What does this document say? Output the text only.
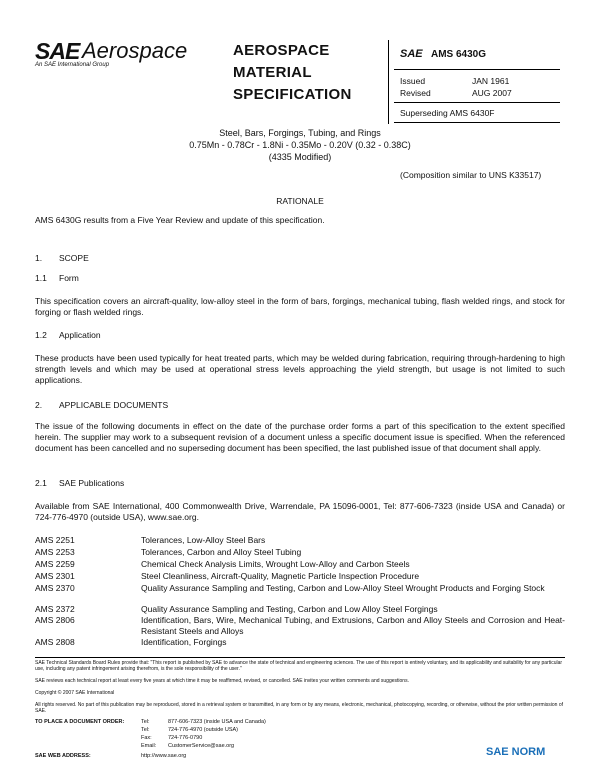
SAE Aerospace
An SAE International Group
AEROSPACE
MATERIAL
SPECIFICATION
SAE AMS 6430G
Issued	JAN 1961
Revised	AUG 2007
Superseding AMS 6430F
Steel, Bars, Forgings, Tubing, and Rings
0.75Mn - 0.78Cr - 1.8Ni - 0.35Mo - 0.20V (0.32 - 0.38C)
(4335 Modified)
(Composition similar to UNS K33517)
RATIONALE
AMS 6430G results from a Five Year Review and update of this specification.
1. SCOPE
1.1 Form
This specification covers an aircraft-quality, low-alloy steel in the form of bars, forgings, mechanical tubing, flash welded rings, and stock for forging or flash welded rings.
1.2 Application
These products have been used typically for heat treated parts, which may be welded during fabrication, requiring through-hardening to high strength levels and which may be used at operational stress levels approaching the yield strength, but usage is not limited to such applications.
2. APPLICABLE DOCUMENTS
The issue of the following documents in effect on the date of the purchase order forms a part of this specification to the extent specified herein. The supplier may work to a subsequent revision of a document unless a specific document issue is specified. When the referenced document has been cancelled and no superseding document has been specified, the last published issue of that document shall apply.
2.1 SAE Publications
Available from SAE International, 400 Commonwealth Drive, Warrendale, PA 15096-0001, Tel: 877-606-7323 (inside USA and Canada) or 724-776-4970 (outside USA), www.sae.org.
AMS 2251	Tolerances, Low-Alloy Steel Bars
AMS 2253	Tolerances, Carbon and Alloy Steel Tubing
AMS 2259	Chemical Check Analysis Limits, Wrought Low-Alloy and Carbon Steels
AMS 2301	Steel Cleanliness, Aircraft-Quality, Magnetic Particle Inspection Procedure
AMS 2370	Quality Assurance Sampling and Testing, Carbon and Low-Alloy Steel Wrought Products and Forging Stock
AMS 2372	Quality Assurance Sampling and Testing, Carbon and Low Alloy Steel Forgings
AMS 2806	Identification, Bars, Wire, Mechanical Tubing, and Extrusions, Carbon and Alloy Steels and Corrosion and Heat-Resistant Steels and Alloys
AMS 2808	Identification, Forgings
SAE Technical Standards Board Rules provide that: "This report is published by SAE to advance the state of technical and engineering sciences. The use of this report is entirely voluntary, and its applicability and suitability for any particular use, including any patent infringement arising therefrom, is the sole responsibility of the user."
SAE reviews each technical report at least every five years at which time it may be reaffirmed, revised, or cancelled. SAE invites your written comments and suggestions.
Copyright © 2007 SAE International
All rights reserved. No part of this publication may be reproduced, stored in a retrieval system or transmitted, in any form or by any means, electronic, mechanical, photocopying, recording, or otherwise, without the prior written permission of SAE.
TO PLACE A DOCUMENT ORDER:	Tel:	877-606-7323 (inside USA and Canada)
Tel:	724-776-4970 (outside USA)
Fax:	724-776-0790
Email: CustomerService@sae.org
SAE WEB ADDRESS:	http://www.sae.org	SAE NORM
